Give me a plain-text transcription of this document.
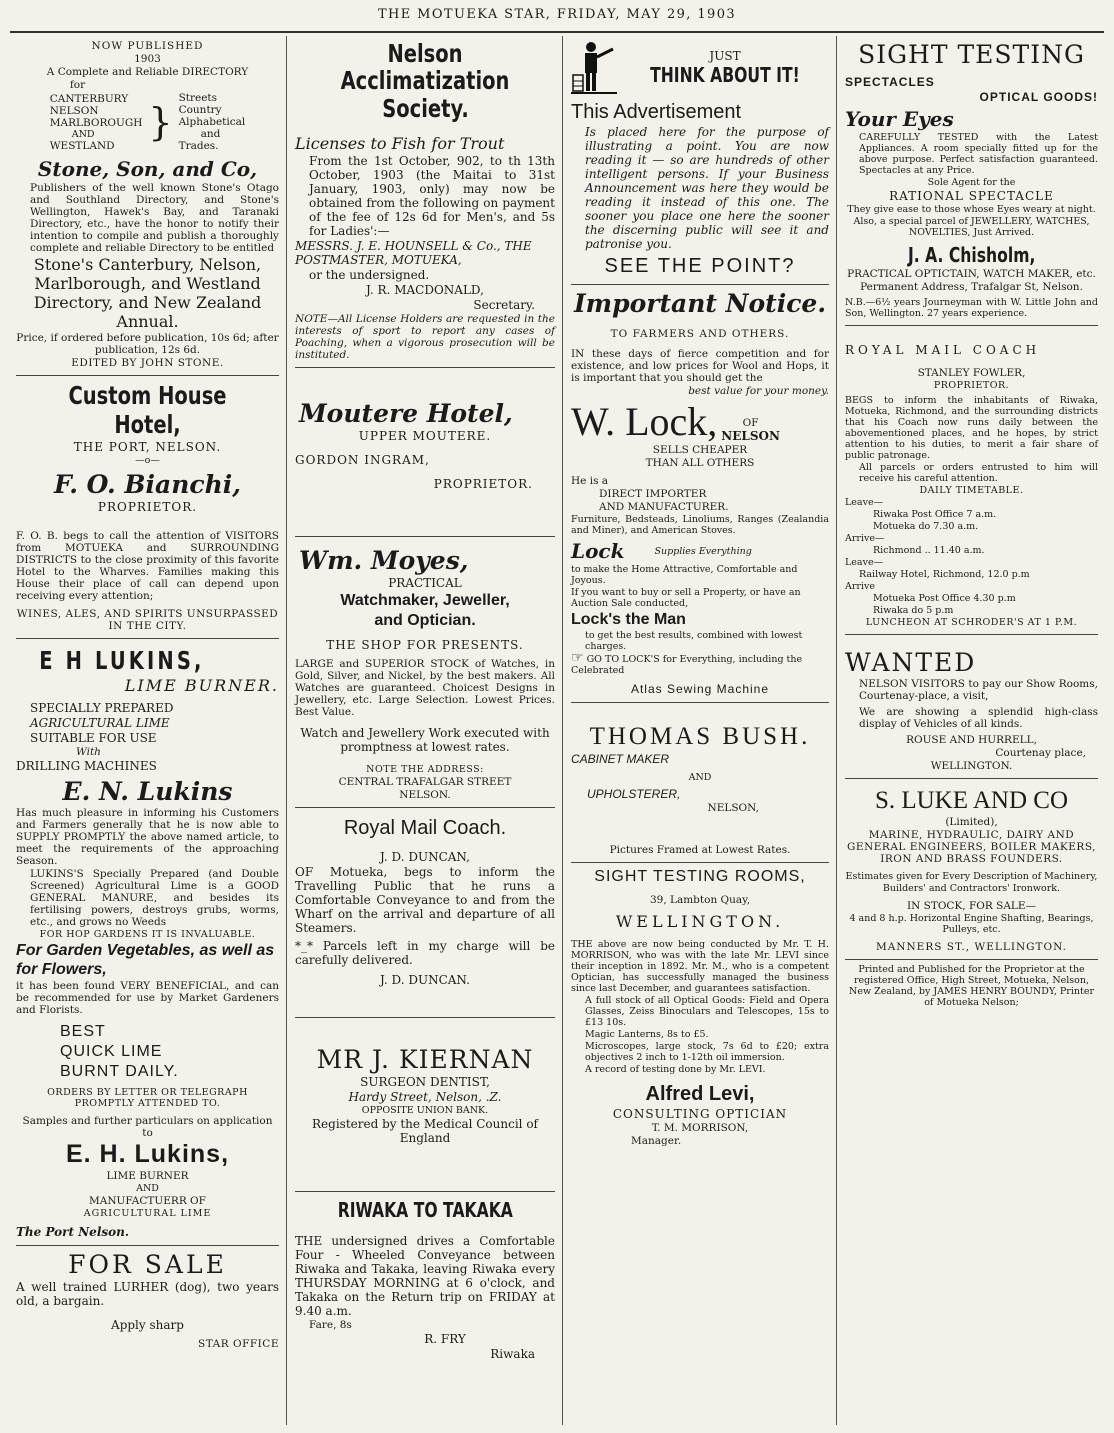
THE MOTUEKA STAR, FRIDAY, MAY 29, 1903

NOW PUBLISHED

1903

A Complete and Reliable DIRECTORY

for

CANTERBURY
NELSON
MARLBOROUGH
AND
WESTLAND
}
Streets
Country
Alphabetical
and
Trades.

Stone, Son, and Co,

Publishers of the well known Stone's Otago and Southland Directory, and Stone's Wellington, Hawek's Bay, and Taranaki Directory, etc., have the honor to notify their intention to compile and publish a thoroughly complete and reliable Directory to be entitled

Stone's Canterbury, Nelson, Marlborough, and Westland Directory, and New Zealand Annual.

Price, if ordered before publication, 10s 6d; after publication, 12s 6d.

EDITED BY JOHN STONE.

Custom House Hotel,

THE PORT, NELSON.

—o—

F. O. Bianchi,

PROPRIETOR.

F. O. B. begs to call the attention of VISITORS from MOTUEKA and SURROUNDING DISTRICTS to the close proximity of this favorite Hotel to the Wharves. Families making this House their place of call can depend upon receiving every attention;

WINES, ALES, AND SPIRITS UNSURPASSED IN THE CITY.

E H LUKINS,

LIME BURNER.

SPECIALLY PREPARED

AGRICULTURAL LIME

SUITABLE FOR USE

With

DRILLING MACHINES

E. N. Lukins

Has much pleasure in informing his Customers and Farmers generally that he is now able to SUPPLY PROMPTLY the above named article, to meet the requirements of the approaching Season.

LUKINS'S Specially Prepared (and Double Screened) Agricultural Lime is a GOOD GENERAL MANURE, and besides its fertilising powers, destroys grubs, worms, etc., and grows no Weeds

FOR HOP GARDENS IT IS INVALUABLE.

For Garden Vegetables, as well as for Flowers,

it has been found VERY BENEFICIAL, and can be recommended for use by Market Gardeners and Florists.

BEST

QUICK LIME

BURNT DAILY.

ORDERS BY LETTER OR TELEGRAPH PROMPTLY ATTENDED TO.

Samples and further particulars on application to

E. H. Lukins,

LIME BURNER

AND

MANUFACTUERR OF

AGRICULTURAL LIME

The Port Nelson.

FOR SALE

A well trained LURHER (dog), two years old, a bargain.

Apply sharp

STAR OFFICE

Nelson Acclimatization

Society.

Licenses to Fish for Trout

From the 1st October, 902, to th 13th October, 1903 (the Maitai to 31st January, 1903, only) may now be obtained from the following on payment of the fee of 12s 6d for Men's, and 5s for Ladies':—

MESSRS. J. E. HOUNSELL & Co., THE POSTMASTER, MOTUEKA,

or the undersigned.

J. R. MACDONALD,

Secretary.

NOTE—All License Holders are requested in the interests of sport to report any cases of Poaching, when a vigorous prosecution will be instituted.

Moutere Hotel,

UPPER MOUTERE.

GORDON INGRAM,

PROPRIETOR.

Wm. Moyes,

PRACTICAL

Watchmaker, Jeweller,

and Optician.

THE SHOP FOR PRESENTS.

LARGE and SUPERIOR STOCK of Watches, in Gold, Silver, and Nickel, by the best makers. All Watches are guaranteed. Choicest Designs in Jewellery, etc. Large Selection. Lowest Prices. Best Value.

Watch and Jewellery Work executed with promptness at lowest rates.

NOTE THE ADDRESS:

CENTRAL TRAFALGAR STREET

NELSON.

Royal Mail Coach.

J. D. DUNCAN,

OF Motueka, begs to inform the Travelling Public that he runs a Comfortable Conveyance to and from the Wharf on the arrival and departure of all Steamers.

*_* Parcels left in my charge will be carefully delivered.

J. D. DUNCAN.

MR J. KIERNAN

SURGEON DENTIST,

Hardy Street, Nelson, .Z.

OPPOSITE UNION BANK.

Registered by the Medical Council of England

RIWAKA TO TAKAKA

THE undersigned drives a Comfortable Four - Wheeled Conveyance between Riwaka and Takaka, leaving Riwaka every THURSDAY MORNING at 6 o'clock, and Takaka on the Return trip on FRIDAY at 9.40 a.m.

Fare, 8s

R. FRY

Riwaka

JUST

THINK ABOUT IT!

This Advertisement

Is placed here for the purpose of illustrating a point. You are now reading it — so are hundreds of other intelligent persons. If your Business Announcement was here they would be reading it instead of this one. The sooner you place one here the sooner the discerning public will see it and patronise you.

SEE THE POINT?

Important Notice.

TO FARMERS AND OTHERS.

IN these days of fierce competition and for existence, and low prices for Wool and Hops, it is important that you should get the

best value for your money.

W. Lock, OF
NELSON

SELLS CHEAPER

THAN ALL OTHERS

He is a

DIRECT IMPORTER

AND MANUFACTURER.

Furniture, Bedsteads, Linoliums, Ranges (Zealandia and Miner), and American Stoves.

Lock	Supplies Everything

to make the Home Attractive, Comfortable and Joyous.

If you want to buy or sell a Property, or have an Auction Sale conducted,

Lock's the Man

to get the best results, combined with lowest charges.

☞ GO TO LOCK'S for Everything, including the Celebrated

Atlas Sewing Machine

THOMAS BUSH.

CABINET MAKER

AND

UPHOLSTERER,

NELSON,

Pictures Framed at Lowest Rates.

SIGHT TESTING ROOMS,

39, Lambton Quay,

WELLINGTON.

THE above are now being conducted by Mr. T. H. MORRISON, who was with the late Mr. LEVI since their inception in 1892. Mr. M., who is a competent Optician, has successfully managed the business since last December, and guarantees satisfaction.

A full stock of all Optical Goods: Field and Opera Glasses, Zeiss Binoculars and Telescopes, 15s to £13 10s.

Magic Lanterns, 8s to £5.

Microscopes, large stock, 7s 6d to £20; extra objectives 2 inch to 1-12th oil immersion.

A record of testing done by Mr. LEVI.

Alfred Levi,

CONSULTING OPTICIAN

T. M. MORRISON,

Manager.

SIGHT TESTING

SPECTACLES

OPTICAL GOODS!

Your Eyes

CAREFULLY TESTED with the Latest Appliances. A room specially fitted up for the above purpose. Perfect satisfaction guaranteed. Spectacles at any Price.

Sole Agent for the

RATIONAL SPECTACLE

They give ease to those whose Eyes weary at night.

Also, a special parcel of JEWELLERY, WATCHES, NOVELTIES, Just Arrived.

J. A. Chisholm,

PRACTICAL OPTICTAIN, WATCH MAKER, etc.

Permanent Address, Trafalgar St, Nelson.

N.B.—6½ years Journeyman with W. Little John and Son, Wellington. 27 years experience.

ROYAL MAIL COACH

STANLEY FOWLER,

PROPRIETOR.

BEGS to inform the inhabitants of Riwaka, Motueka, Richmond, and the surrounding districts that his Coach now runs daily between the abovementioned places, and he hopes, by strict attention to his duties, to merit a fair share of public patronage.

All parcels or orders entrusted to him will receive his careful attention.

DAILY TIMETABLE.

Leave—

Riwaka Post Office 7 a.m.

Motueka do 7.30 a.m.

Arrive—

Richmond .. 11.40 a.m.

Leave—

Railway Hotel, Richmond, 12.0 p.m

Arrive

Motueka Post Office 4.30 p.m

Riwaka do 5 p.m

LUNCHEON AT SCHRODER'S AT 1 P.M.

WANTED

NELSON VISITORS to pay our Show Rooms, Courtenay-place, a visit,

We are showing a splendid high-class display of Vehicles of all kinds.

ROUSE AND HURRELL,

Courtenay place,

WELLINGTON.

S. LUKE AND CO

(Limited),

MARINE, HYDRAULIC, DAIRY AND GENERAL ENGINEERS, BOILER MAKERS, IRON AND BRASS FOUNDERS.

Estimates given for Every Description of Machinery,

Builders' and Contractors' Ironwork.

IN STOCK, FOR SALE—

4 and 8 h.p. Horizontal Engine Shafting, Bearings, Pulleys, etc.

MANNERS ST., WELLINGTON.

Printed and Published for the Proprietor at the registered Office, High Street, Motueka, Nelson, New Zealand, by JAMES HENRY BOUNDY, Printer of Motueka Nelson;
